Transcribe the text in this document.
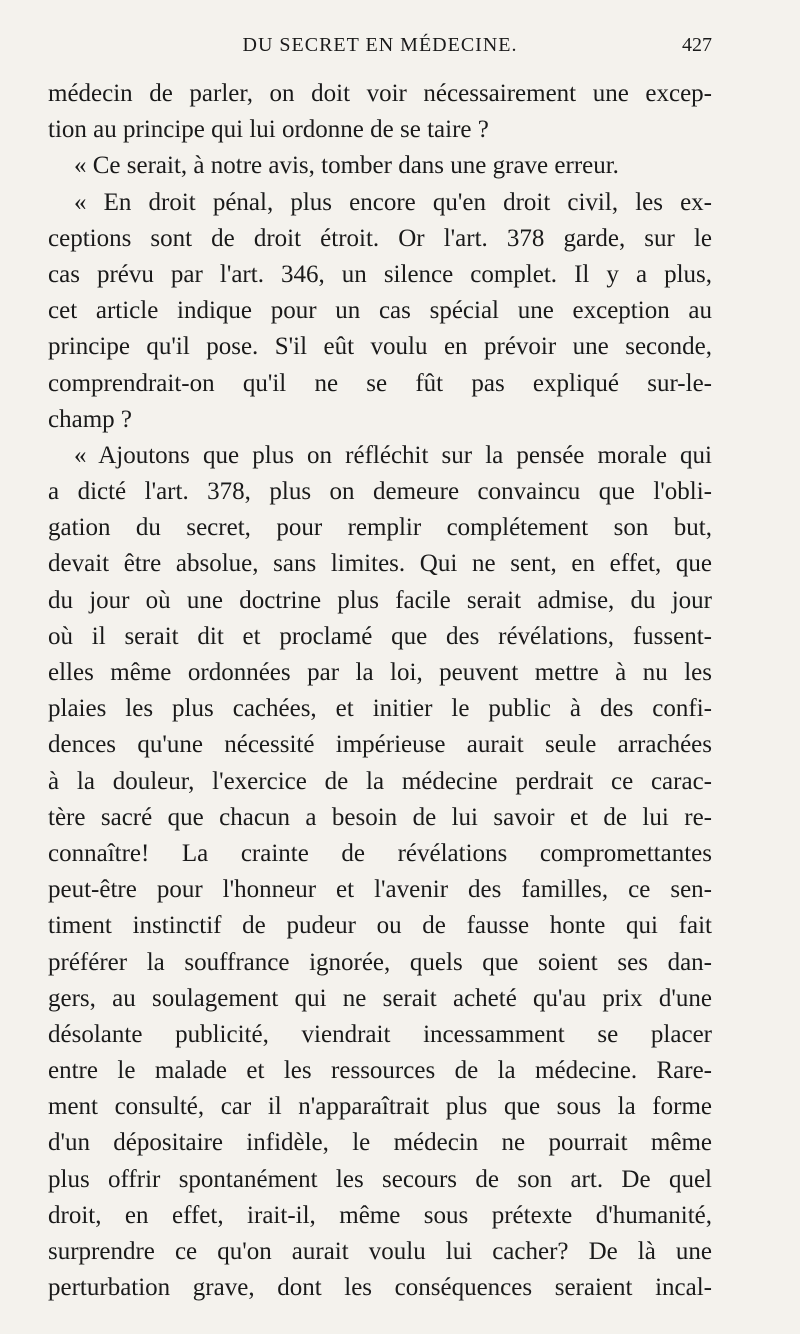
DU SECRET EN MÉDECINE.	427
médecin de parler, on doit voir nécessairement une excep-
tion au principe qui lui ordonne de se taire ?
« Ce serait, à notre avis, tomber dans une grave erreur.
« En droit pénal, plus encore qu'en droit civil, les ex-
ceptions sont de droit étroit. Or l'art. 378 garde, sur le
cas prévu par l'art. 346, un silence complet. Il y a plus,
cet article indique pour un cas spécial une exception au
principe qu'il pose. S'il eût voulu en prévoir une seconde,
comprendrait-on qu'il ne se fût pas expliqué sur-le-
champ ?
« Ajoutons que plus on réfléchit sur la pensée morale qui
a dicté l'art. 378, plus on demeure convaincu que l'obli-
gation du secret, pour remplir complétement son but,
devait être absolue, sans limites. Qui ne sent, en effet, que
du jour où une doctrine plus facile serait admise, du jour
où il serait dit et proclamé que des révélations, fussent-
elles même ordonnées par la loi, peuvent mettre à nu les
plaies les plus cachées, et initier le public à des confi-
dences qu'une nécessité impérieuse aurait seule arrachées
à la douleur, l'exercice de la médecine perdrait ce carac-
tère sacré que chacun a besoin de lui savoir et de lui re-
connaître! La crainte de révélations compromettantes
peut-être pour l'honneur et l'avenir des familles, ce sen-
timent instinctif de pudeur ou de fausse honte qui fait
préférer la souffrance ignorée, quels que soient ses dan-
gers, au soulagement qui ne serait acheté qu'au prix d'une
désolante publicité, viendrait incessamment se placer
entre le malade et les ressources de la médecine. Rare-
ment consulté, car il n'apparaîtrait plus que sous la forme
d'un dépositaire infidèle, le médecin ne pourrait même
plus offrir spontanément les secours de son art. De quel
droit, en effet, irait-il, même sous prétexte d'humanité,
surprendre ce qu'on aurait voulu lui cacher? De là une
perturbation grave, dont les conséquences seraient incal-
